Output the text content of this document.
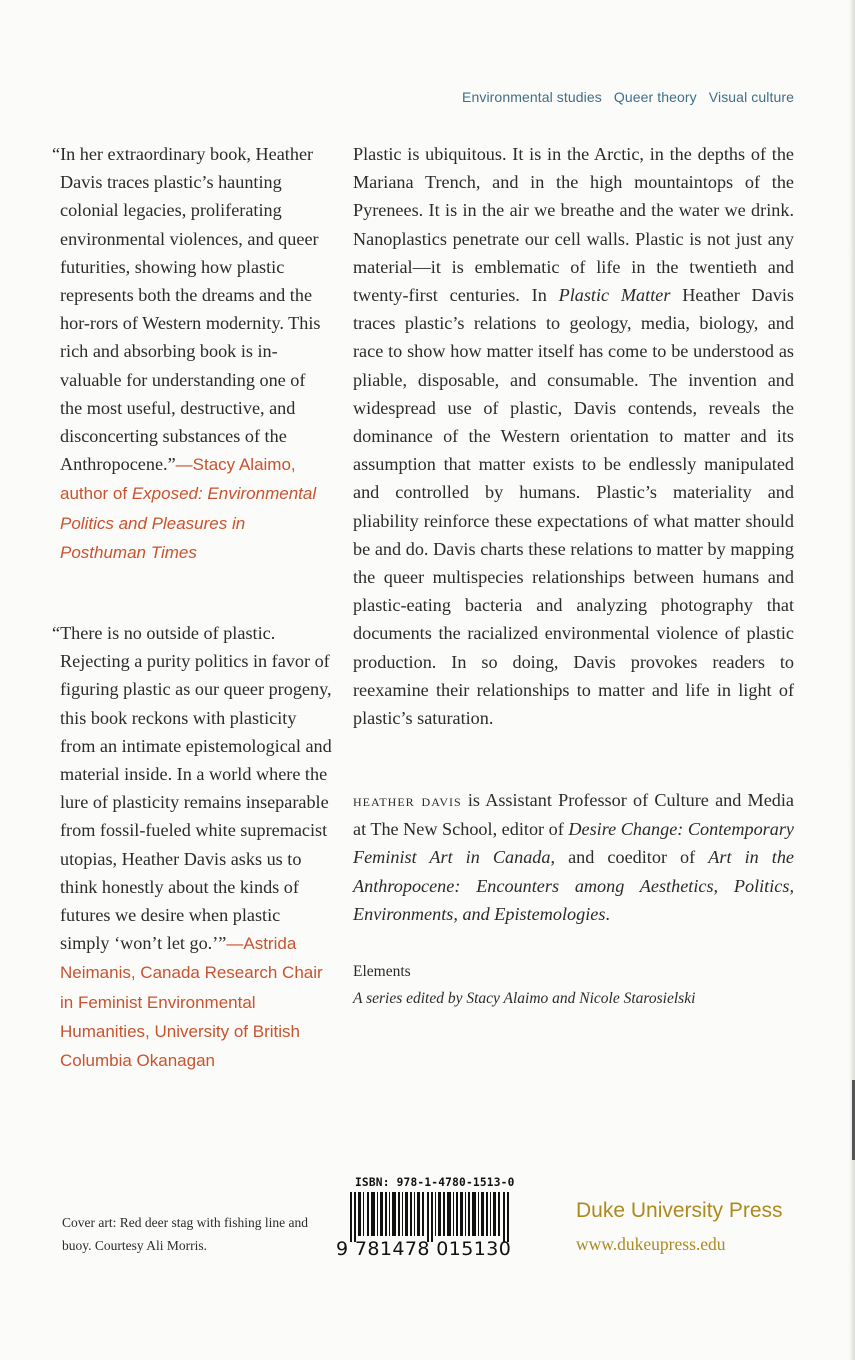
Environmental studies Queer theory Visual culture

“In her extraordinary book, Heather Davis traces plastic’s haunting colonial legacies, proliferating environmental violences, and queer futurities, showing how plastic represents both the dreams and the hor-rors of Western modernity. This rich and absorbing book is in-valuable for understanding one of the most useful, destructive, and disconcerting substances of the Anthropocene.”—Stacy Alaimo, author of Exposed: Environmental Politics and Pleasures in Posthuman Times

“There is no outside of plastic. Rejecting a purity politics in favor of figuring plastic as our queer progeny, this book reckons with plasticity from an intimate epistemological and material inside. In a world where the lure of plasticity remains inseparable from fossil-fueled white supremacist utopias, Heather Davis asks us to think honestly about the kinds of futures we desire when plastic simply ‘won’t let go.’”—Astrida Neimanis, Canada Research Chair in Feminist Environmental Humanities, University of British Columbia Okanagan

Plastic is ubiquitous. It is in the Arctic, in the depths of the Mariana Trench, and in the high mountaintops of the Pyrenees. It is in the air we breathe and the water we drink. Nanoplastics penetrate our cell walls. Plastic is not just any material—it is emblematic of life in the twentieth and twenty-first centuries. In Plastic Matter Heather Davis traces plastic’s relations to geology, media, biology, and race to show how matter itself has come to be understood as pliable, disposable, and consumable. The invention and widespread use of plastic, Davis contends, reveals the dominance of the Western orientation to matter and its assumption that matter exists to be endlessly manipulated and controlled by humans. Plastic’s materiality and pliability reinforce these expectations of what matter should be and do. Davis charts these relations to matter by mapping the queer multispecies relationships between humans and plastic-eating bacteria and analyzing photography that documents the racialized environmental violence of plastic production. In so doing, Davis provokes readers to reexamine their relationships to matter and life in light of plastic’s saturation.
heather davis is Assistant Professor of Culture and Media at The New School, editor of Desire Change: Contemporary Feminist Art in Canada, and coeditor of Art in the Anthropocene: Encounters among Aesthetics, Politics, Environments, and Epistemologies.
Elements
A series edited by Stacy Alaimo and Nicole Starosielski
Cover art: Red deer stag with fishing line and buoy. Courtesy Ali Morris.
ISBN: 978-1-4780-1513-0
9 781478 015130
Duke University Press
www.dukeupress.edu
